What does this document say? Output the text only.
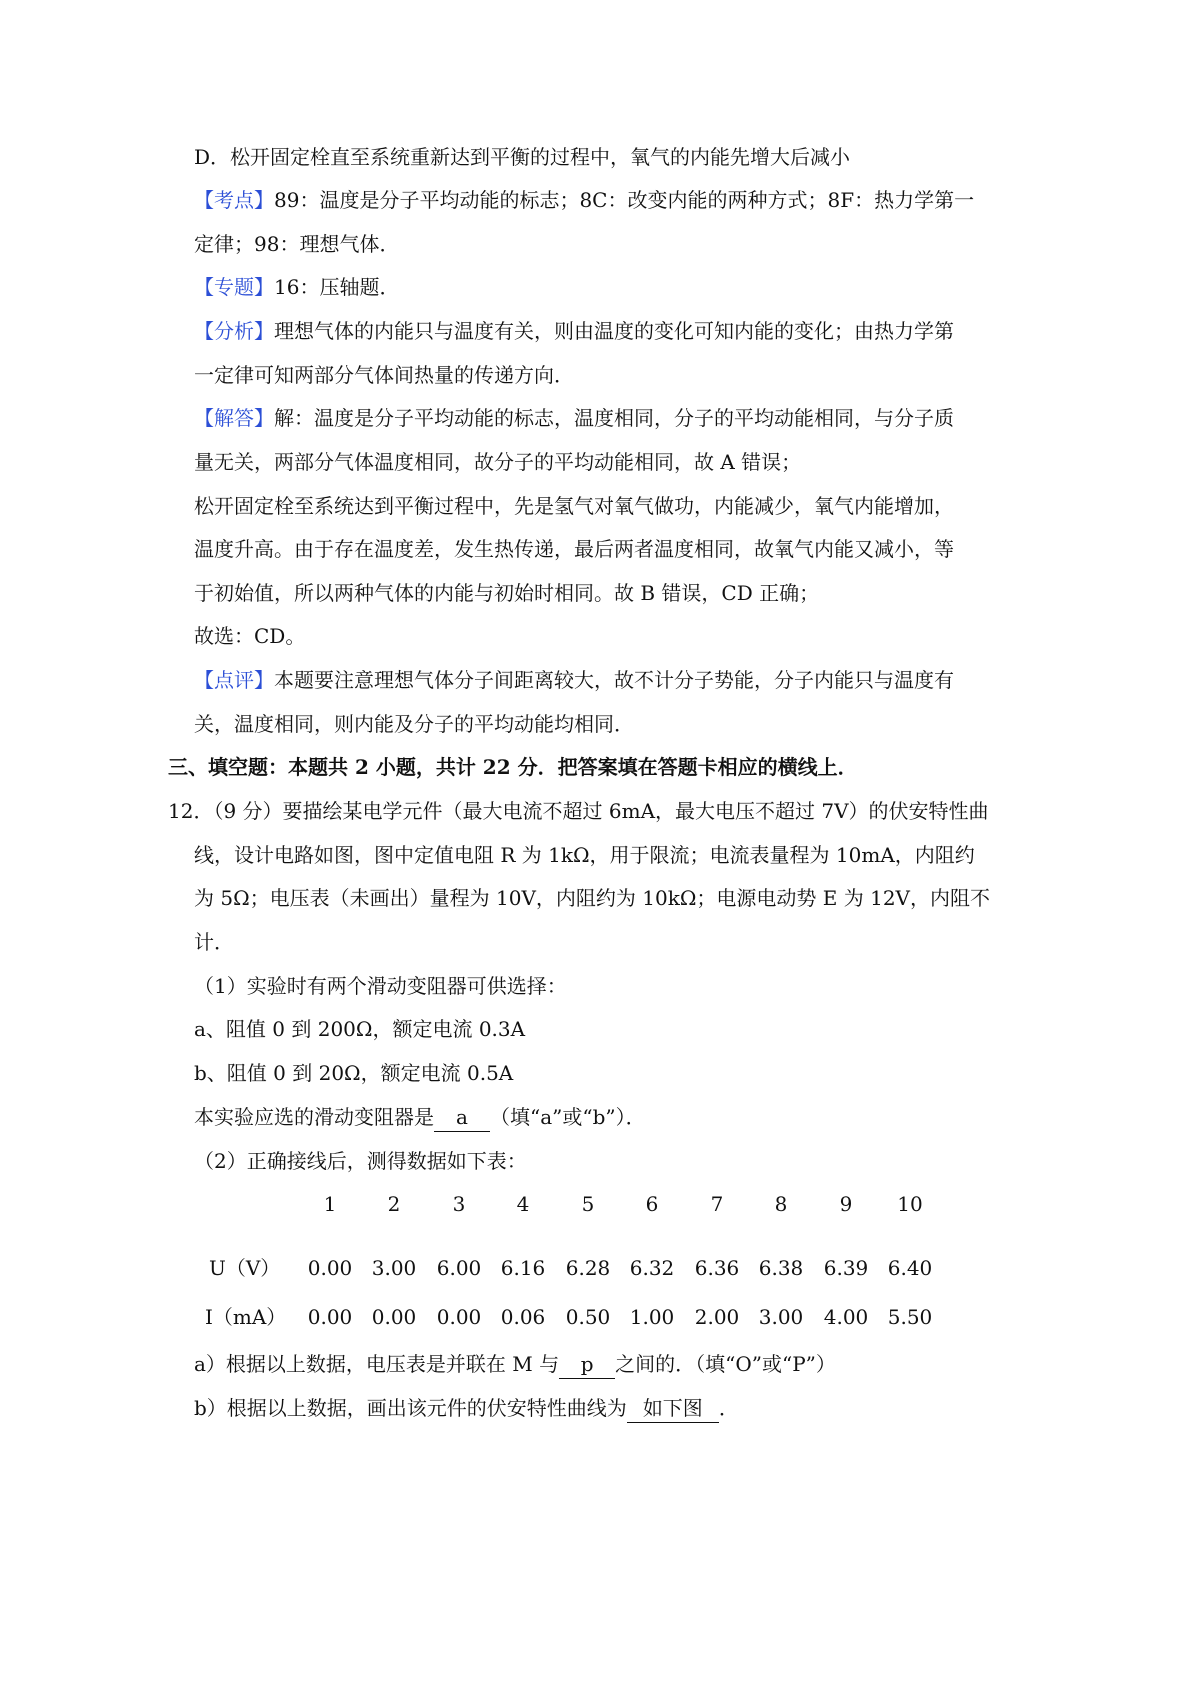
D．松开固定栓直至系统重新达到平衡的过程中，氧气的内能先增大后减小
【考点】89：温度是分子平均动能的标志；8C：改变内能的两种方式；8F：热力学第一
定律；98：理想气体．
【专题】16：压轴题．
【分析】理想气体的内能只与温度有关，则由温度的变化可知内能的变化；由热力学第
一定律可知两部分气体间热量的传递方向．
【解答】解：温度是分子平均动能的标志，温度相同，分子的平均动能相同，与分子质
量无关，两部分气体温度相同，故分子的平均动能相同，故 A 错误；
松开固定栓至系统达到平衡过程中，先是氢气对氧气做功，内能减少，氧气内能增加，
温度升高。由于存在温度差，发生热传递，最后两者温度相同，故氧气内能又减小，等
于初始值，所以两种气体的内能与初始时相同。故 B 错误，CD 正确；
故选：CD。
【点评】本题要注意理想气体分子间距离较大，故不计分子势能，分子内能只与温度有
关，温度相同，则内能及分子的平均动能均相同．
三、填空题：本题共 2 小题，共计 22 分．把答案填在答题卡相应的横线上．
12．（9 分）要描绘某电学元件（最大电流不超过 6mA，最大电压不超过 7V）的伏安特性曲
线，设计电路如图，图中定值电阻 R 为 1kΩ，用于限流；电流表量程为 10mA，内阻约
为 5Ω；电压表（未画出）量程为 10V，内阻约为 10kΩ；电源电动势 E 为 12V，内阻不
计．
（1）实验时有两个滑动变阻器可供选择：
a、阻值 0 到 200Ω，额定电流 0.3A
b、阻值 0 到 20Ω，额定电流 0.5A
本实验应选的滑动变阻器是 a （填“a”或“b”）．
（2）正确接线后，测得数据如下表：
1	2	3	4	5	6	7	8	9	10
U（V）	0.00 3.00	6.00 6.16	6.28 6.32	6.36 6.38	6.39 6.40
I（mA）	0.00 0.00	0.00 0.06	0.50 1.00	2.00 3.00	4.00 5.50
a）根据以上数据，电压表是并联在 M 与 p 之间的．（填“O”或“P”）
b）根据以上数据，画出该元件的伏安特性曲线为 如下图 ．
